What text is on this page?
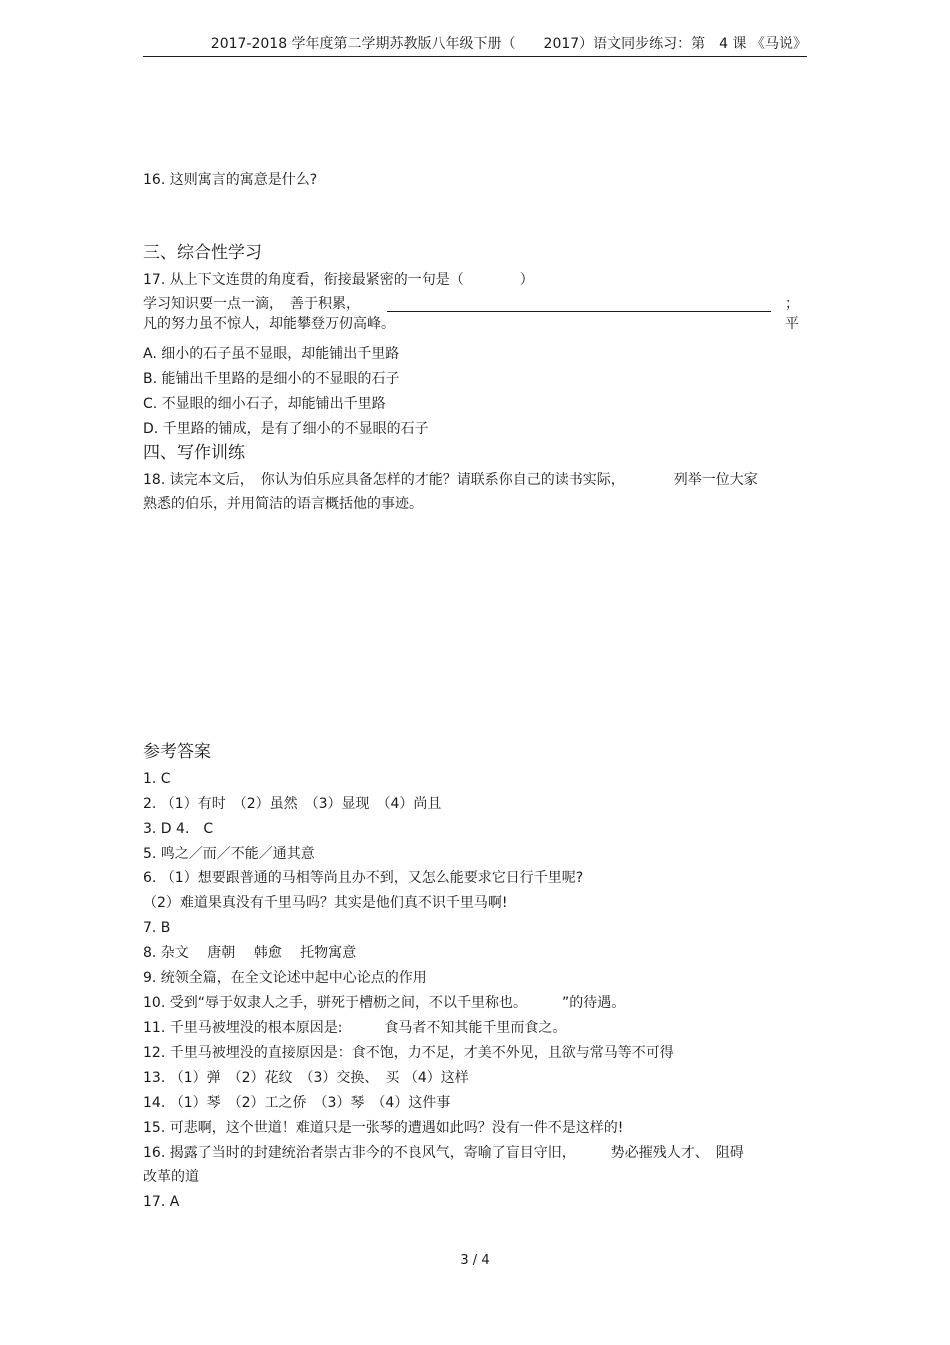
2017-2018 学年度第二学期苏教版八年级下册（　　2017）语文同步练习：第　4 课 《马说》
16. 这则寓言的寓意是什么?
三、综合性学习
17. 从上下文连贯的角度看，衔接最紧密的一句是（　　　　）
学习知识要一点一滴，　善于积累，	；平
凡的努力虽不惊人，却能攀登万仞高峰。
A. 细小的石子虽不显眼，却能铺出千里路
B. 能铺出千里路的是细小的不显眼的石子
C. 不显眼的细小石子，却能铺出千里路
D. 千里路的铺成，是有了细小的不显眼的石子
四、写作训练
18. 读完本文后，　你认为伯乐应具备怎样的才能？请联系你自己的读书实际，　　　　列举一位大家
熟悉的伯乐，并用简洁的语言概括他的事迹。
参考答案
1. C
2. （1）有时　（2）虽然　（3）显现　（4）尚且
3. D 4． C
5. 鸣之／而／不能／通其意
6. （1）想要跟普通的马相等尚且办不到，又怎么能要求它日行千里呢?
（2）难道果真没有千里马吗？其实是他们真不识千里马啊!
7. B
8. 杂文　 唐朝　 韩愈　 托物寓意
9. 统领全篇，在全文论述中起中心论点的作用
10. 受到“辱于奴隶人之手，骈死于槽枥之间，不以千里称也。　　　”的待遇。
11. 千里马被埋没的根本原因是:　　　食马者不知其能千里而食之。
12. 千里马被埋没的直接原因是：食不饱，力不足，才美不外见，且欲与常马等不可得
13. （1）弹　（2）花纹　（3）交换、　买 （4）这样
14. （1）琴　（2）工之侨　（3）琴　（4）这件事
15. 可悲啊，这个世道！难道只是一张琴的遭遇如此吗？没有一件不是这样的!
16. 揭露了当时的封建统治者崇古非今的不良风气，寄喻了盲目守旧，　　　势必摧残人才、　阻碍
改革的道
17. A
3 / 4
